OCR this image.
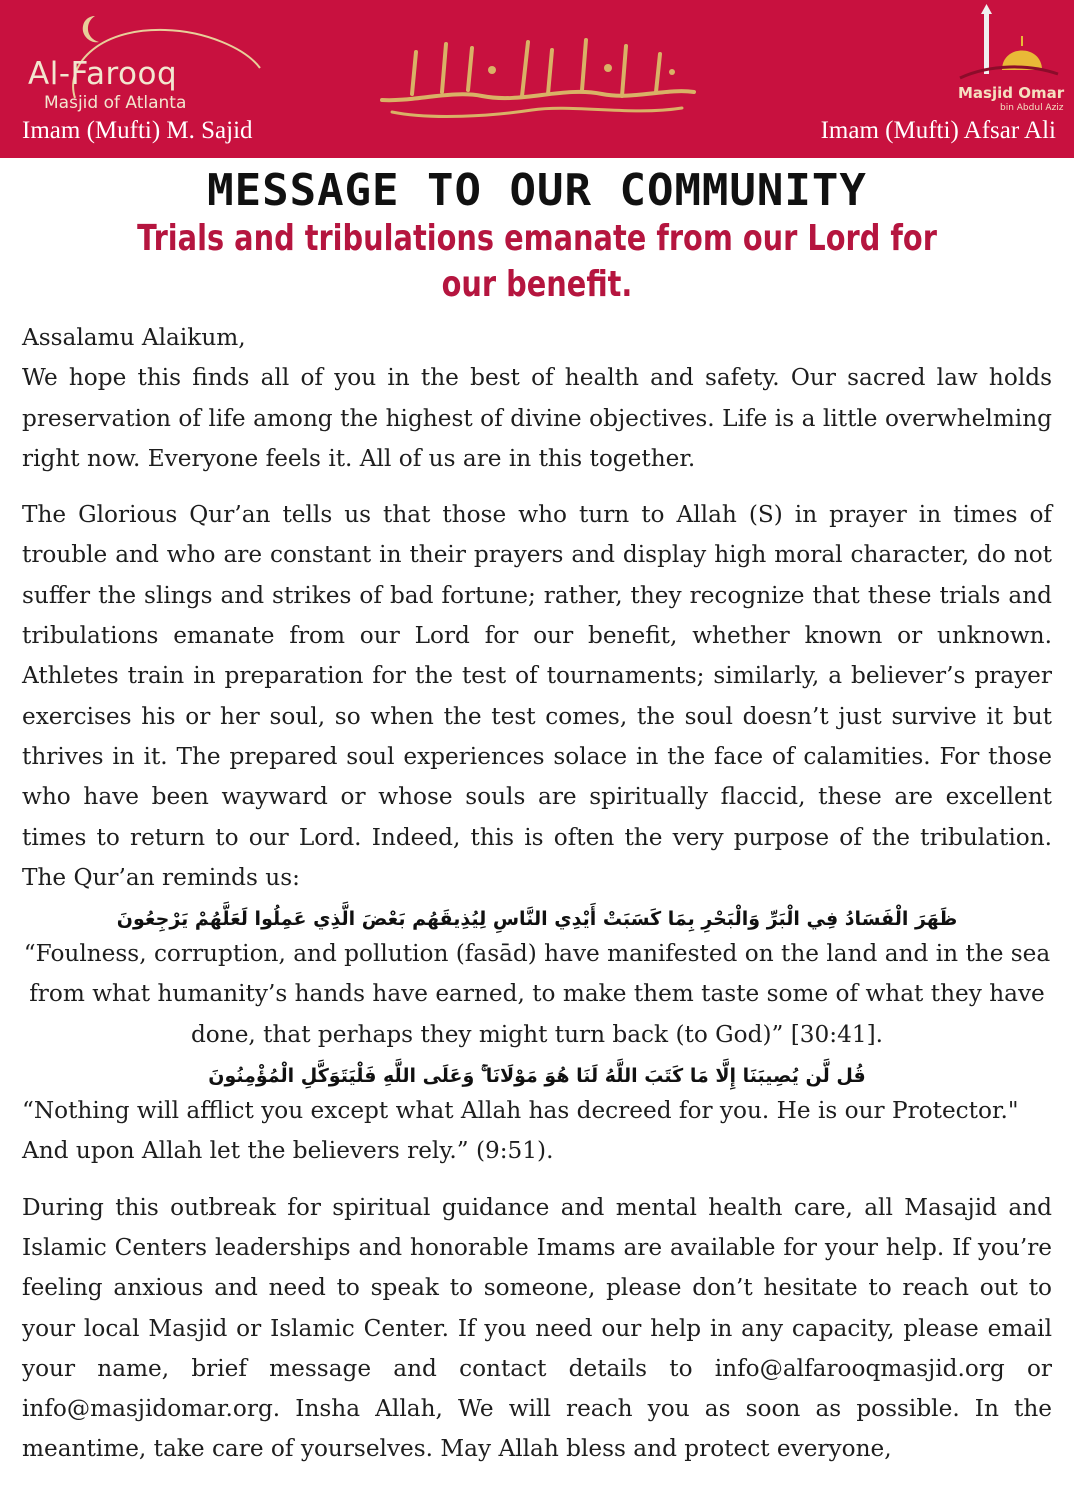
Al-Farooq
Masjid of Atlanta
Imam (Mufti) M. Sajid
Masjid Omar
bin Abdul Aziz
Imam (Mufti) Afsar Ali
MESSAGE TO OUR COMMUNITY
Trials and tribulations emanate from our Lord for our benefit.

Assalamu Alaikum,

We hope this finds all of you in the best of health and safety. Our sacred law holds preservation of life among the highest of divine objectives. Life is a little overwhelming right now. Everyone feels it. All of us are in this together.

The Glorious Qur’an tells us that those who turn to Allah (S) in prayer in times of trouble and who are constant in their prayers and display high moral character, do not suffer the slings and strikes of bad fortune; rather, they recognize that these trials and tribulations emanate from our Lord for our benefit, whether known or unknown. Athletes train in preparation for the test of tournaments; similarly, a believer’s prayer exercises his or her soul, so when the test comes, the soul doesn’t just survive it but thrives in it. The prepared soul experiences solace in the face of calamities. For those who have been wayward or whose souls are spiritually flaccid, these are excellent times to return to our Lord. Indeed, this is often the very purpose of the tribulation. The Qur’an reminds us:

ظَهَرَ الْفَسَادُ فِي الْبَرِّ وَالْبَحْرِ بِمَا كَسَبَتْ أَيْدِي النَّاسِ لِيُذِيقَهُم بَعْضَ الَّذِي عَمِلُوا لَعَلَّهُمْ يَرْجِعُونَ
“Foulness, corruption, and pollution (fasād) have manifested on the land and in the sea from what humanity’s hands have earned, to make them taste some of what they have done, that perhaps they might turn back (to God)” [30:41].
قُل لَّن يُصِيبَنَا إِلَّا مَا كَتَبَ اللَّهُ لَنَا هُوَ مَوْلَانَا ۚ وَعَلَى اللَّهِ فَلْيَتَوَكَّلِ الْمُؤْمِنُونَ
“Nothing will afflict you except what Allah has decreed for you. He is our Protector." And upon Allah let the believers rely.” (9:51).

During this outbreak for spiritual guidance and mental health care, all Masajid and Islamic Centers leaderships and honorable Imams are available for your help. If you’re feeling anxious and need to speak to someone, please don’t hesitate to reach out to your local Masjid or Islamic Center. If you need our help in any capacity, please email your name, brief message and contact details to info@alfarooqmasjid.org or info@masjidomar.org. Insha Allah, We will reach you as soon as possible. In the meantime, take care of yourselves. May Allah bless and protect everyone,
